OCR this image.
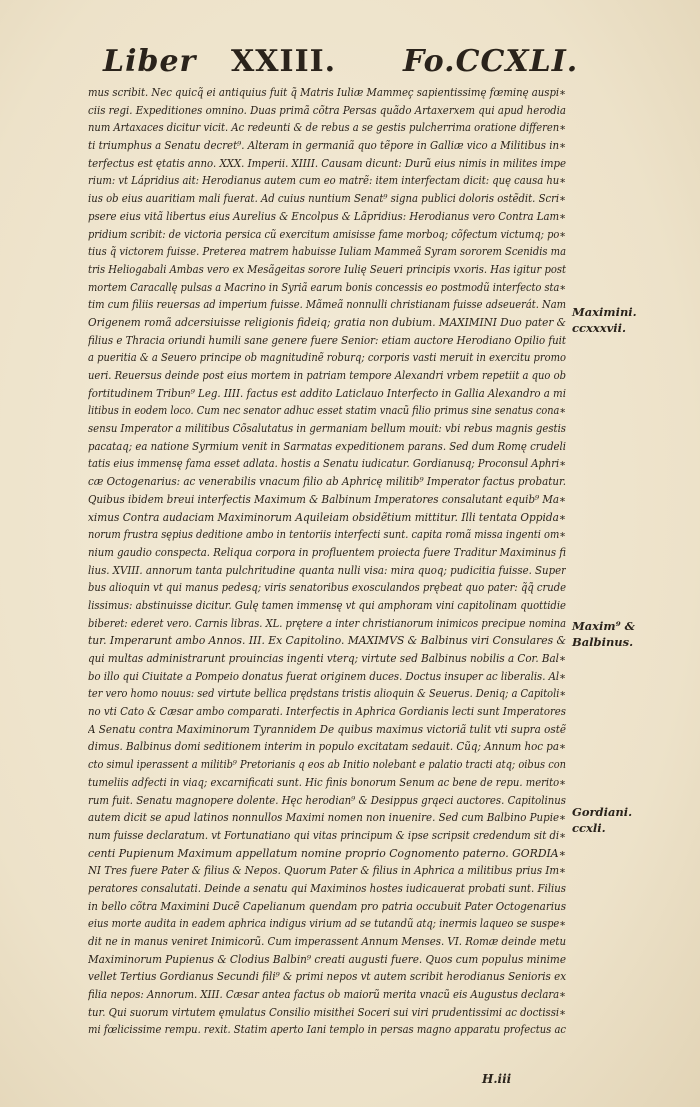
Liber XXIII. Fo.CCXLI.
mus scribit. Nec quicq̃ ei antiquius fuit q̃ Matris Iuliæ Mammeç sapientissimę fœminę auspi∗
ciis regi. Expeditiones omnino. Duas primã cõtra Persas quãdo Artaxerxem qui apud herodia
num Artaxaces dicitur vicit. Ac redeunti & de rebus a se gestis pulcherrima oratione differen∗
ti triumphus a Senatu decret⁹. Alteram in germaniã quo tẽpore in Galliæ vico a Militibus in∗
terfectus est ętatis anno. XXX. Imperii. XIIII. Causam dicunt: Durũ eius nimis in milites impe
rium: vt Lápridius ait: Herodianus autem cum eo matrẽ: item interfectam dicit: quę causa hu∗
ius ob eius auaritiam mali fuerat. Ad cuius nuntium Senat⁹ signa publici doloris ostẽdit. Scri∗
psere eius vitã libertus eius Aurelius & Encolpus & Lãpridius: Herodianus vero Contra Lam∗
pridium scribit: de victoria persica cũ exercitum amisisse fame morboq; cõfectum victumq; po∗
tius q̃ victorem fuisse. Preterea matrem habuisse Iuliam Mammeã Syram sororem Scenidis ma
tris Heliogabali Ambas vero ex Mesãgeitas sorore Iulię Seueri principis vxoris. Has igitur post
mortem Caracallę pulsas a Macrino in Syriã earum bonis concessis eo postmodũ interfecto sta∗
tim cum filiis reuersas ad imperium fuisse. Mãmeã nonnulli christianam fuisse adseuerát. Nam
Origenem romã adcersiuisse religionis fideiq; gratia non dubium. MAXIMINI Duo pater &
filius e Thracia oriundi humili sane genere fuere Senior: etiam auctore Herodiano Opilio fuit
a pueritia & a Seuero principe ob magnitudinẽ roburq; corporis vasti meruit in exercitu promo
ueri. Reuersus deinde post eius mortem in patriam tempore Alexandri vrbem repetiit a quo ob
fortitudinem Tribun⁹ Leg. IIII. factus est addito Laticlauo Interfecto in Gallia Alexandro a mi
litibus in eodem loco. Cum nec senator adhuc esset statim vnacũ filio primus sine senatus cona∗
sensu Imperator a militibus Cõsalutatus in germaniam bellum mouit: vbi rebus magnis gestis
pacataq; ea natione Syrmium venit in Sarmatas expeditionem parans. Sed dum Romę crudeli
tatis eius immensę fama esset adlata. hostis a Senatu iudicatur. Gordianusq; Proconsul Aphri∗
cæ Octogenarius: ac venerabilis vnacum filio ab Aphricę militib⁹ Imperator factus probatur.
Quibus ibidem breui interfectis Maximum & Balbinum Imperatores consalutant equib⁹ Ma∗
ximus Contra audaciam Maximinorum Aquileiam obsidẽtium mittitur. Illi tentata Oppida∗
norum frustra sępius deditione ambo in tentoriis interfecti sunt. capita romã missa ingenti om∗
nium gaudio conspecta. Reliqua corpora in profluentem proiecta fuere Traditur Maximinus fi
lius. XVIII. annorum tanta pulchritudine quanta nulli visa: mira quoq; pudicitia fuisse. Super
bus alioquin vt qui manus pedesq; viris senatoribus exosculandos prębeat quo pater: q̃q̃ crude
lissimus: abstinuisse dicitur. Gulę tamen immensę vt qui amphoram vini capitolinam quottidie
biberet: ederet vero. Carnis libras. XL. prętere a inter christianorum inimicos precipue nomina
tur. Imperarunt ambo Annos. III. Ex Capitolino. MAXIMVS & Balbinus viri Consulares &
qui multas administrarunt prouincias ingenti vterq; virtute sed Balbinus nobilis a Cor. Bal∗
bo illo qui Ciuitate a Pompeio donatus fuerat originem duces. Doctus insuper ac liberalis. Al∗
ter vero homo nouus: sed virtute bellica prędstans tristis alioquin & Seuerus. Deniq; a Capitoli∗
no vti Cato & Cæsar ambo comparati. Interfectis in Aphrica Gordianis lecti sunt Imperatores
A Senatu contra Maximinorum Tyrannidem De quibus maximus victoriã tulit vti supra ostẽ
dimus. Balbinus domi seditionem interim in populo excitatam sedauit. Cũq; Annum hoc pa∗
cto simul iperassent a militib⁹ Pretorianis q eos ab Initio nolebant e palatio tracti atq; oibus con
tumeliis adfecti in viaq; excarnificati sunt. Hic finis bonorum Senum ac bene de repu. merito∗
rum fuit. Senatu magnopere dolente. Hęc herodian⁹ & Desippus grąeci auctores. Capitolinus
autem dicit se apud latinos nonnullos Maximi nomen non inuenire. Sed cum Balbino Pupie∗
num fuisse declaratum. vt Fortunatiano qui vitas principum & ipse scripsit credendum sit di∗
centi Pupienum Maximum appellatum nomine proprio Cognomento paterno. GORDIA∗
NI Tres fuere Pater & filius & Nepos. Quorum Pater & filius in Aphrica a militibus prius Im∗
peratores consalutati. Deinde a senatu qui Maximinos hostes iudicauerat probati sunt. Filius
in bello cõtra Maximini Ducẽ Capelianum quendam pro patria occubuit Pater Octogenarius
eius morte audita in eadem aphrica indigus virium ad se tutandũ atq; inermis laqueo se suspe∗
dit ne in manus veniret Inimicorũ. Cum imperassent Annum Menses. VI. Romæ deinde metu
Maximinorum Pupienus & Clodius Balbin⁹ creati augusti fuere. Quos cum populus minime
vellet Tertius Gordianus Secundi fili⁹ & primi nepos vt autem scribit herodianus Senioris ex
filia nepos: Annorum. XIII. Cæsar antea factus ob maiorũ merita vnacũ eis Augustus declara∗
tur. Qui suorum virtutem ęmulatus Consilio misithei Soceri sui viri prudentissimi ac doctissi∗
mi fœlicissime rempu. rexit. Statim aperto Iani templo in persas magno apparatu profectus ac
Maximini.
ccxxxvii.
Maxim⁹ &
Balbinus.
Gordiani.
ccxli.
H.iii
